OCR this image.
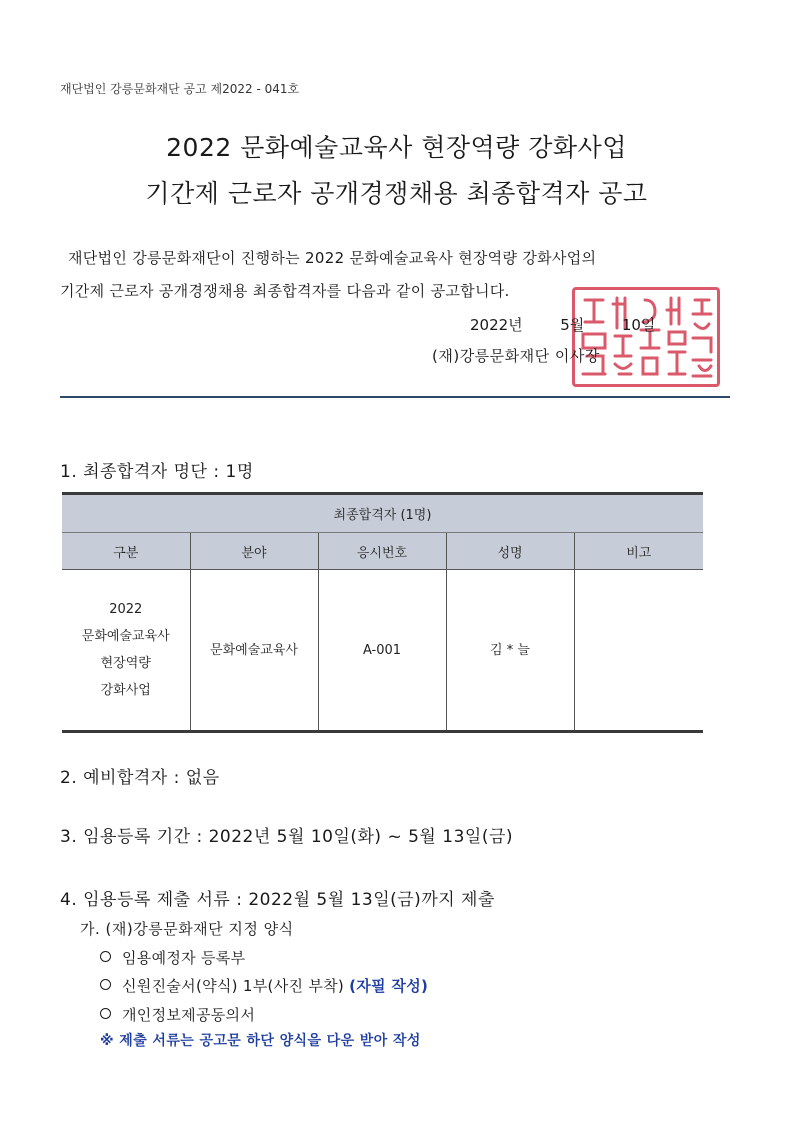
재단법인 강릉문화재단 공고 제2022 - 041호
2022 문화예술교육사 현장역량 강화사업
기간제 근로자 공개경쟁채용 최종합격자 공고
재단법인 강릉문화재단이 진행하는 2022 문화예술교육사 현장역량 강화사업의
기간제 근로자 공개경쟁채용 최종합격자를 다음과 같이 공고합니다.
2022년	5월	10일
(재)강릉문화재단 이사장
1. 최종합격자 명단 : 1명
최종합격자 (1명)				
구분	분야	응시번호	성명	비고

2022
문화예술교육사
현장역량
강화사업	문화예술교육사	A-001	김 * 늘	
2. 예비합격자 : 없음
3. 임용등록 기간 : 2022년 5월 10일(화) ~ 5월 13일(금)
4. 임용등록 제출 서류 : 2022월 5월 13일(금)까지 제출
가. (재)강릉문화재단 지정 양식
임용예정자 등록부
신원진술서(약식) 1부(사진 부착) (자필 작성)
개인정보제공동의서
※ 제출 서류는 공고문 하단 양식을 다운 받아 작성
